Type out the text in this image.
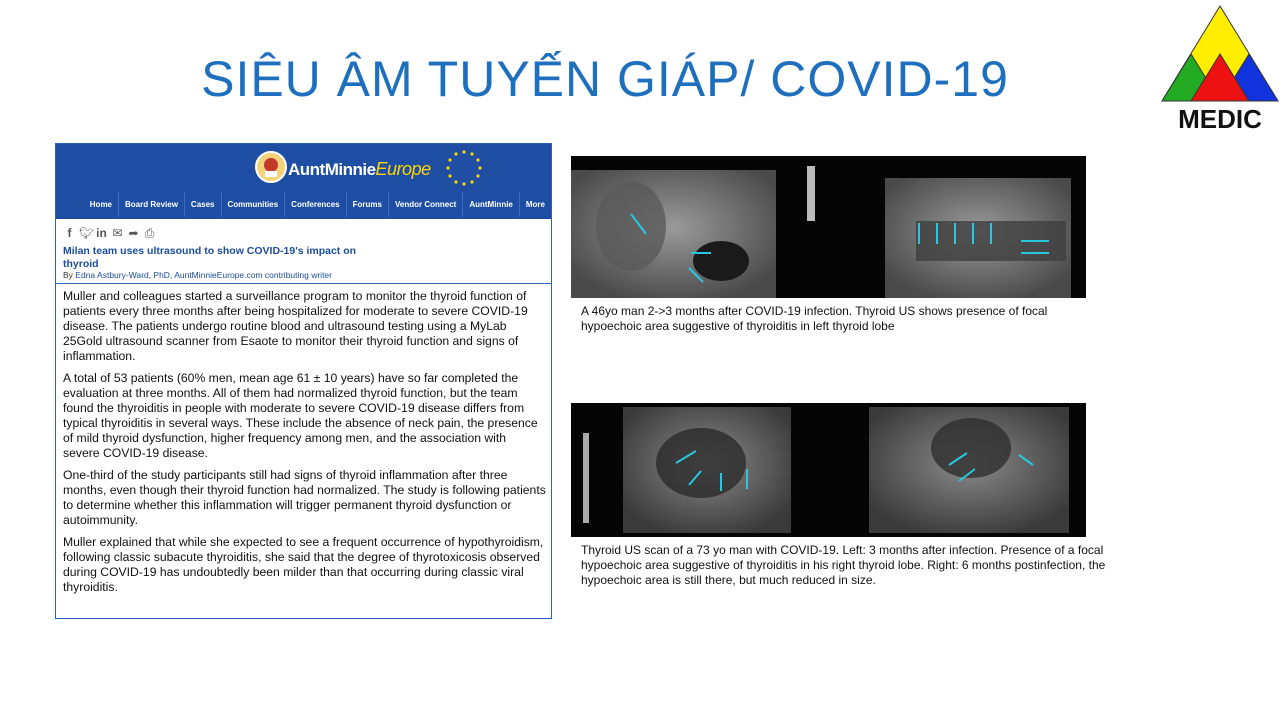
SIÊU ÂM TUYẾN GIÁP/ COVID-19
MEDIC
AuntMinnieEurope
Home	Board Review	Cases	Communities	Conferences	Forums	Vendor Connect	AuntMinnie	More
f 🐦︎ in ✉ ➦ ⎙
Milan team uses ultrasound to show COVID-19's impact on thyroid
By Edna Astbury-Ward, PhD, AuntMinnieEurope.com contributing writer

Muller and colleagues started a surveillance program to monitor the thyroid function of patients every three months after being hospitalized for moderate to severe COVID-19 disease. The patients undergo routine blood and ultrasound testing using a MyLab 25Gold ultrasound scanner from Esaote to monitor their thyroid function and signs of inflammation.

A total of 53 patients (60% men, mean age 61 ± 10 years) have so far completed the evaluation at three months. All of them had normalized thyroid function, but the team found the thyroiditis in people with moderate to severe COVID-19 disease differs from typical thyroiditis in several ways. These include the absence of neck pain, the presence of mild thyroid dysfunction, higher frequency among men, and the association with severe COVID-19 disease.

One-third of the study participants still had signs of thyroid inflammation after three months, even though their thyroid function had normalized. The study is following patients to determine whether this inflammation will trigger permanent thyroid dysfunction or autoimmunity.

Muller explained that while she expected to see a frequent occurrence of hypothyroidism, following classic subacute thyroiditis, she said that the degree of thyrotoxicosis observed during COVID-19 has undoubtedly been milder than that occurring during classic viral thyroiditis.

A 46yo man 2->3 months after COVID-19 infection. Thyroid US shows presence of focal hypoechoic area suggestive of thyroiditis in left thyroid lobe
Thyroid US scan of a 73 yo man with COVID-19. Left: 3 months after infection. Presence of a focal hypoechoic area suggestive of thyroiditis in his right thyroid lobe. Right: 6 months postinfection, the hypoechoic area is still there, but much reduced in size.
